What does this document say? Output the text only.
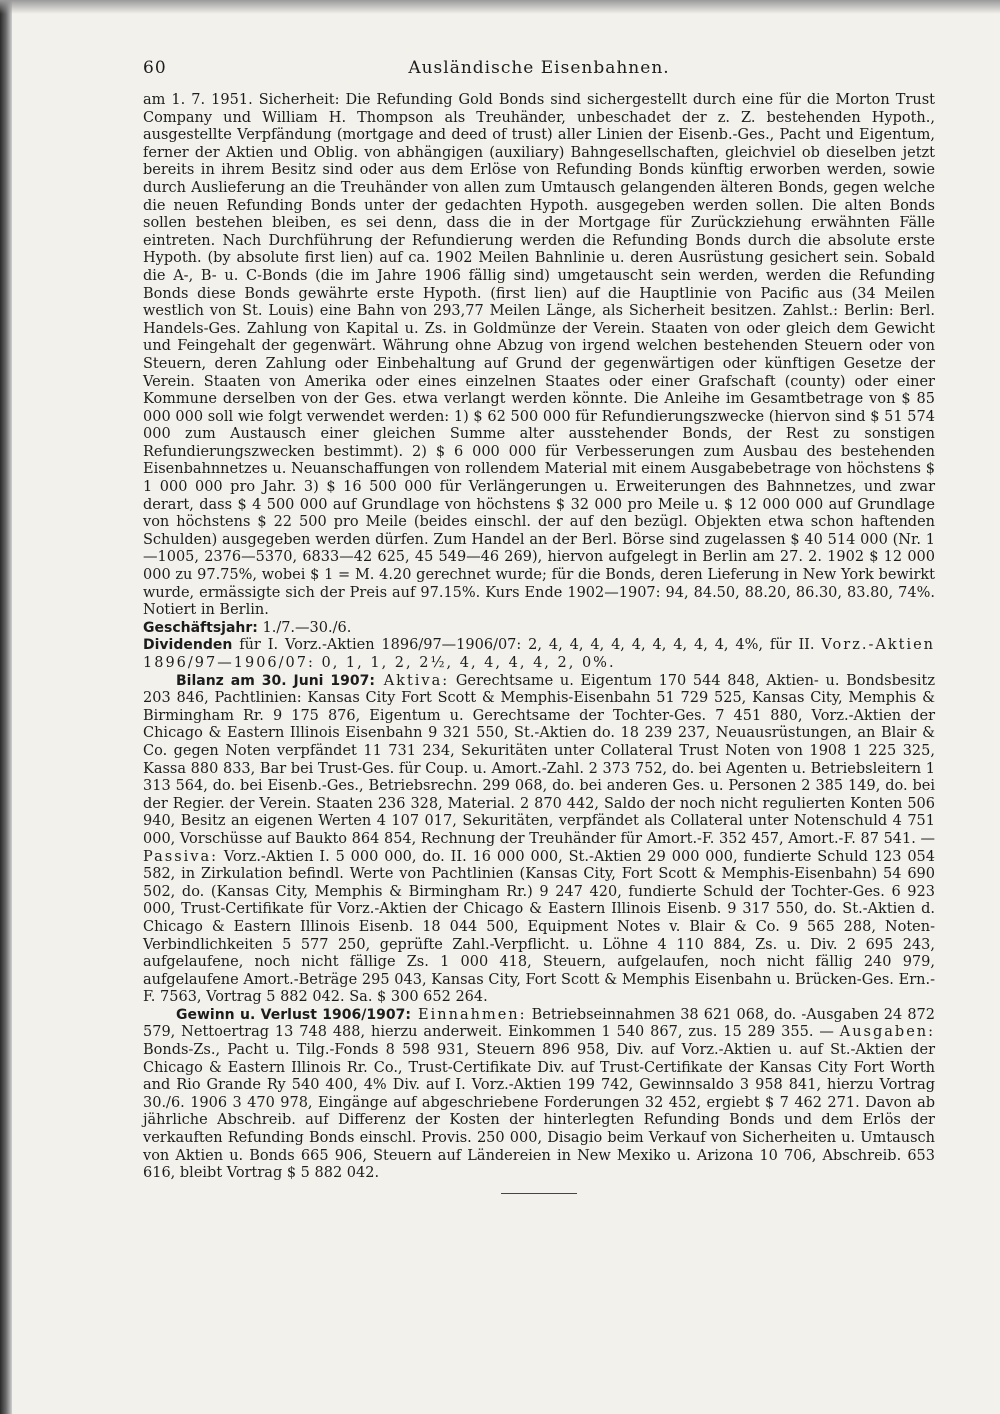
60	Ausländische Eisenbahnen.

am 1. 7. 1951. Sicherheit: Die Refunding Gold Bonds sind sichergestellt durch eine für die Morton Trust Company und William H. Thompson als Treuhänder, unbeschadet der z. Z. bestehenden Hypoth., ausgestellte Verpfändung (mortgage and deed of trust) aller Linien der Eisenb.-Ges., Pacht und Eigentum, ferner der Aktien und Oblig. von abhängigen (auxiliary) Bahngesellschaften, gleichviel ob dieselben jetzt bereits in ihrem Besitz sind oder aus dem Erlöse von Refunding Bonds künftig erworben werden, sowie durch Auslieferung an die Treuhänder von allen zum Umtausch gelangenden älteren Bonds, gegen welche die neuen Refunding Bonds unter der gedachten Hypoth. ausgegeben werden sollen. Die alten Bonds sollen bestehen bleiben, es sei denn, dass die in der Mortgage für Zurückziehung erwähnten Fälle eintreten. Nach Durchführung der Refundierung werden die Refunding Bonds durch die absolute erste Hypoth. (by absolute first lien) auf ca. 1902 Meilen Bahnlinie u. deren Ausrüstung gesichert sein. Sobald die A-, B- u. C-Bonds (die im Jahre 1906 fällig sind) umgetauscht sein werden, werden die Refunding Bonds diese Bonds gewährte erste Hypoth. (first lien) auf die Hauptlinie von Pacific aus (34 Meilen westlich von St. Louis) eine Bahn von 293,77 Meilen Länge, als Sicherheit besitzen. Zahlst.: Berlin: Berl. Handels-Ges. Zahlung von Kapital u. Zs. in Goldmünze der Verein. Staaten von oder gleich dem Gewicht und Feingehalt der gegenwärt. Währung ohne Abzug von irgend welchen bestehenden Steuern oder von Steuern, deren Zahlung oder Einbehaltung auf Grund der gegenwärtigen oder künftigen Gesetze der Verein. Staaten von Amerika oder eines einzelnen Staates oder einer Grafschaft (county) oder einer Kommune derselben von der Ges. etwa verlangt werden könnte. Die Anleihe im Gesamtbetrage von $ 85 000 000 soll wie folgt verwendet werden: 1) $ 62 500 000 für Refundierungszwecke (hiervon sind $ 51 574 000 zum Austausch einer gleichen Summe alter ausstehender Bonds, der Rest zu sonstigen Refundierungszwecken bestimmt). 2) $ 6 000 000 für Verbesserungen zum Ausbau des bestehenden Eisenbahnnetzes u. Neuanschaffungen von rollendem Material mit einem Ausgabebetrage von höchstens $ 1 000 000 pro Jahr. 3) $ 16 500 000 für Verlängerungen u. Erweiterungen des Bahnnetzes, und zwar derart, dass $ 4 500 000 auf Grundlage von höchstens $ 32 000 pro Meile u. $ 12 000 000 auf Grundlage von höchstens $ 22 500 pro Meile (beides einschl. der auf den bezügl. Objekten etwa schon haftenden Schulden) ausgegeben werden dürfen. Zum Handel an der Berl. Börse sind zugelassen $ 40 514 000 (Nr. 1—1005, 2376—5370, 6833—42 625, 45 549—46 269), hiervon aufgelegt in Berlin am 27. 2. 1902 $ 12 000 000 zu 97.75%, wobei $ 1 = M. 4.20 gerechnet wurde; für die Bonds, deren Lieferung in New York bewirkt wurde, ermässigte sich der Preis auf 97.15%. Kurs Ende 1902—1907: 94, 84.50, 88.20, 86.30, 83.80, 74%. Notiert in Berlin.

Geschäftsjahr: 1./7.—30./6.

Dividenden für I. Vorz.-Aktien 1896/97—1906/07: 2, 4, 4, 4, 4, 4, 4, 4, 4, 4, 4%, für II. Vorz.-Aktien 1896/97—1906/07: 0, 1, 1, 2, 2½, 4, 4, 4, 4, 2, 0%.

Bilanz am 30. Juni 1907: Aktiva: Gerechtsame u. Eigentum 170 544 848, Aktien- u. Bondsbesitz 203 846, Pachtlinien: Kansas City Fort Scott & Memphis-Eisenbahn 51 729 525, Kansas City, Memphis & Birmingham Rr. 9 175 876, Eigentum u. Gerechtsame der Tochter-Ges. 7 451 880, Vorz.-Aktien der Chicago & Eastern Illinois Eisenbahn 9 321 550, St.-Aktien do. 18 239 237, Neuausrüstungen, an Blair & Co. gegen Noten verpfändet 11 731 234, Sekuritäten unter Collateral Trust Noten von 1908 1 225 325, Kassa 880 833, Bar bei Trust-Ges. für Coup. u. Amort.-Zahl. 2 373 752, do. bei Agenten u. Betriebsleitern 1 313 564, do. bei Eisenb.-Ges., Betriebsrechn. 299 068, do. bei anderen Ges. u. Personen 2 385 149, do. bei der Regier. der Verein. Staaten 236 328, Material. 2 870 442, Saldo der noch nicht regulierten Konten 506 940, Besitz an eigenen Werten 4 107 017, Sekuritäten, verpfändet als Collateral unter Notenschuld 4 751 000, Vorschüsse auf Baukto 864 854, Rechnung der Treuhänder für Amort.-F. 352 457, Amort.-F. 87 541. — Passiva: Vorz.-Aktien I. 5 000 000, do. II. 16 000 000, St.-Aktien 29 000 000, fundierte Schuld 123 054 582, in Zirkulation befindl. Werte von Pachtlinien (Kansas City, Fort Scott & Memphis-Eisenbahn) 54 690 502, do. (Kansas City, Memphis & Birmingham Rr.) 9 247 420, fundierte Schuld der Tochter-Ges. 6 923 000, Trust-Certifikate für Vorz.-Aktien der Chicago & Eastern Illinois Eisenb. 9 317 550, do. St.-Aktien d. Chicago & Eastern Illinois Eisenb. 18 044 500, Equipment Notes v. Blair & Co. 9 565 288, Noten-Verbindlichkeiten 5 577 250, geprüfte Zahl.-Verpflicht. u. Löhne 4 110 884, Zs. u. Div. 2 695 243, aufgelaufene, noch nicht fällige Zs. 1 000 418, Steuern, aufgelaufen, noch nicht fällig 240 979, aufgelaufene Amort.-Beträge 295 043, Kansas City, Fort Scott & Memphis Eisenbahn u. Brücken-Ges. Ern.-F. 7563, Vortrag 5 882 042. Sa. $ 300 652 264.

Gewinn u. Verlust 1906/1907: Einnahmen: Betriebseinnahmen 38 621 068, do. -Ausgaben 24 872 579, Nettoertrag 13 748 488, hierzu anderweit. Einkommen 1 540 867, zus. 15 289 355. — Ausgaben: Bonds-Zs., Pacht u. Tilg.-Fonds 8 598 931, Steuern 896 958, Div. auf Vorz.-Aktien u. auf St.-Aktien der Chicago & Eastern Illinois Rr. Co., Trust-Certifikate Div. auf Trust-Certifikate der Kansas City Fort Worth and Rio Grande Ry 540 400, 4% Div. auf I. Vorz.-Aktien 199 742, Gewinnsaldo 3 958 841, hierzu Vortrag 30./6. 1906 3 470 978, Eingänge auf abgeschriebene Forderungen 32 452, ergiebt $ 7 462 271. Davon ab jährliche Abschreib. auf Differenz der Kosten der hinterlegten Refunding Bonds und dem Erlös der verkauften Refunding Bonds einschl. Provis. 250 000, Disagio beim Verkauf von Sicherheiten u. Umtausch von Aktien u. Bonds 665 906, Steuern auf Ländereien in New Mexiko u. Arizona 10 706, Abschreib. 653 616, bleibt Vortrag $ 5 882 042.
